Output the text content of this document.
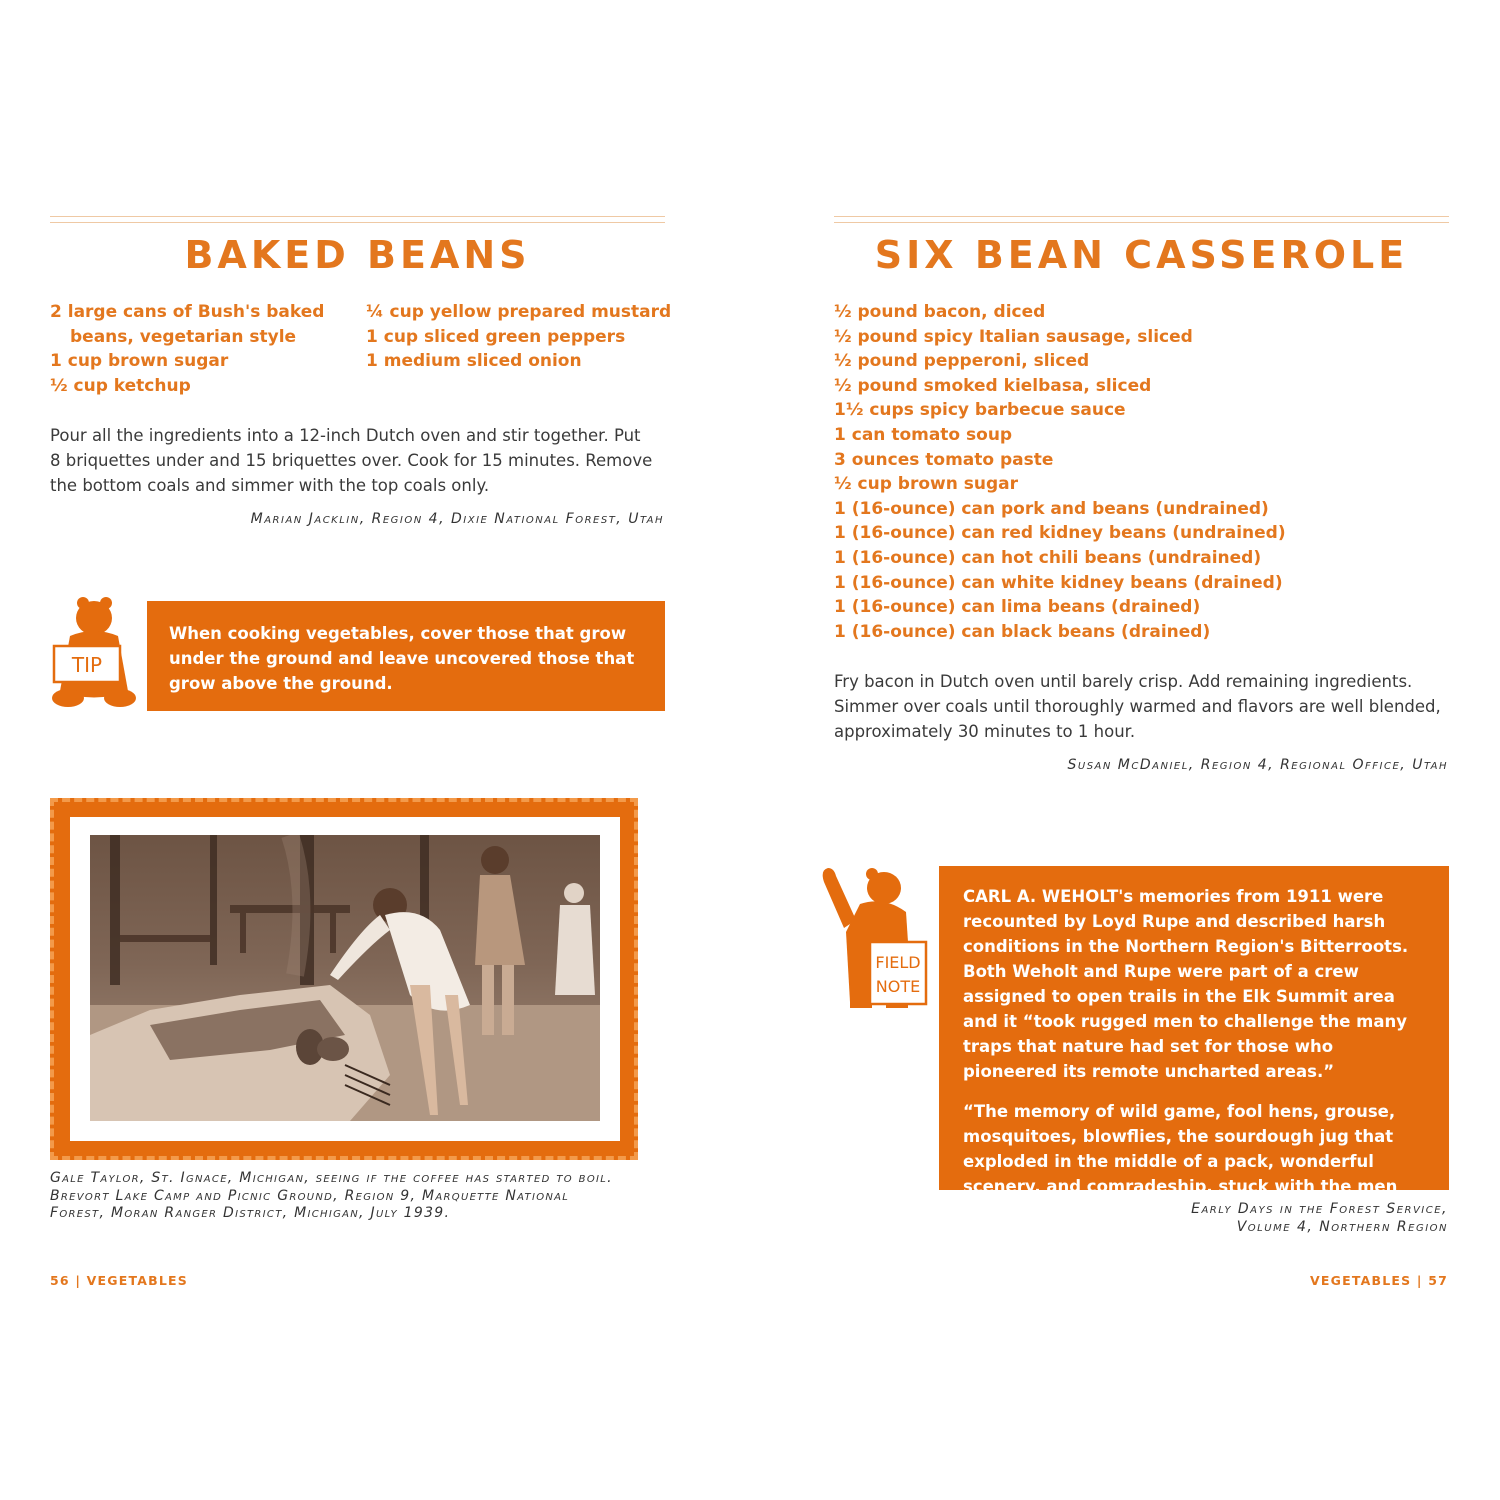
BAKED BEANS
2 large cans of Bush's baked
beans, vegetarian style
1 cup brown sugar
½ cup ketchup
¼ cup yellow prepared mustard
1 cup sliced green peppers
1 medium sliced onion
Pour all the ingredients into a 12-inch Dutch oven and stir together. Put 8 briquettes under and 15 briquettes over. Cook for 15 minutes. Remove the bottom coals and simmer with the top coals only.
Marian Jacklin, Region 4, Dixie National Forest, Utah
TIP
When cooking vegetables, cover those that grow under the ground and leave uncovered those that grow above the ground.
Gale Taylor, St. Ignace, Michigan, seeing if the coffee has started to boil. Brevort Lake Camp and Picnic Ground, Region 9, Marquette National Forest, Moran Ranger District, Michigan, July 1939.
56 | VEGETABLES
SIX BEAN CASSEROLE
½ pound bacon, diced
½ pound spicy Italian sausage, sliced
½ pound pepperoni, sliced
½ pound smoked kielbasa, sliced
1½ cups spicy barbecue sauce
1 can tomato soup
3 ounces tomato paste
½ cup brown sugar
1 (16-ounce) can pork and beans (undrained)
1 (16-ounce) can red kidney beans (undrained)
1 (16-ounce) can hot chili beans (undrained)
1 (16-ounce) can white kidney beans (drained)
1 (16-ounce) can lima beans (drained)
1 (16-ounce) can black beans (drained)
Fry bacon in Dutch oven until barely crisp. Add remaining ingredients. Simmer over coals until thoroughly warmed and flavors are well blended, approximately 30 minutes to 1 hour.
Susan McDaniel, Region 4, Regional Office, Utah
FIELD
NOTE
CARL A. WEHOLT's memories from 1911 were recounted by Loyd Rupe and described harsh conditions in the Northern Region's Bitterroots. Both Weholt and Rupe were part of a crew assigned to open trails in the Elk Summit area and it “took rugged men to challenge the many traps that nature had set for those who pioneered its remote uncharted areas.”
“The memory of wild game, fool hens, grouse, mosquitoes, blowflies, the sourdough jug that exploded in the middle of a pack, wonderful scenery, and comradeship, stuck with the men the rest of their lives.” Early Days in the Forest Service,
Volume 4, Northern Region
VEGETABLES | 57
